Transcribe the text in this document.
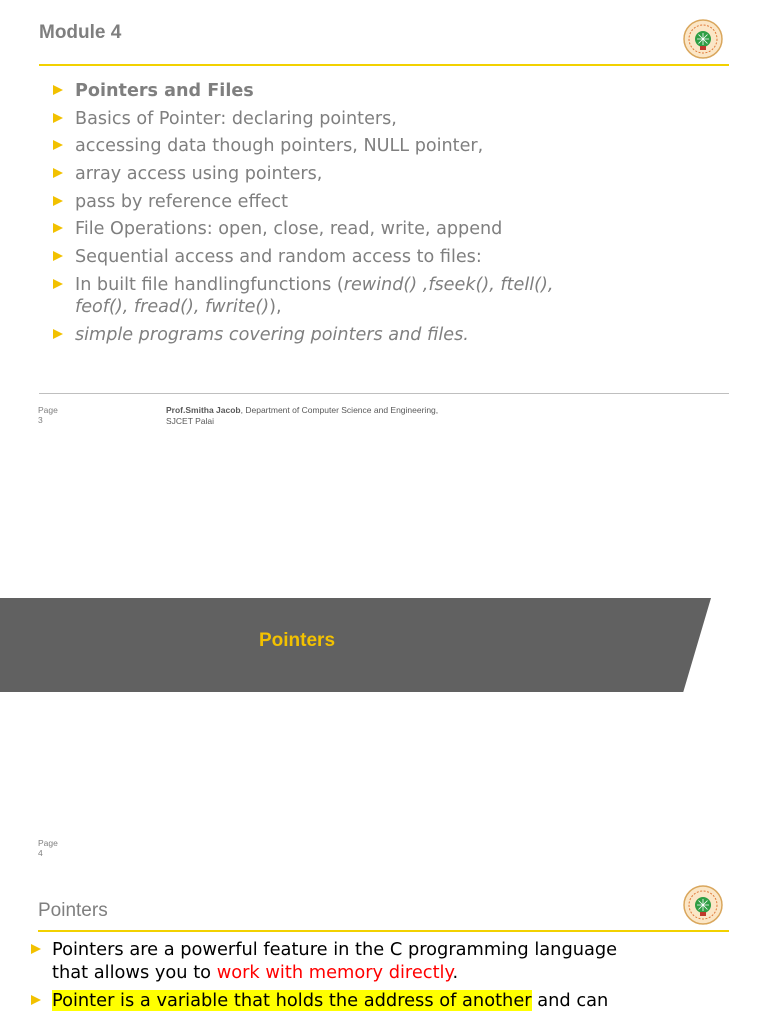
Module 4
Pointers and Files
Basics of Pointer: declaring pointers,
accessing data though pointers, NULL pointer,
array access using pointers,
pass by reference effect
File Operations: open, close, read, write, append
Sequential access and random access to files:
In built file handlingfunctions (rewind() ,fseek(), ftell(),
feof(), fread(), fwrite()),
simple programs covering pointers and files.
Page
3
Prof.Smitha Jacob, Department of Computer Science and Engineering,
SJCET Palai
Pointers
Page
4
Pointers
Pointers are a powerful feature in the C programming language
that allows you to work with memory directly.
Pointer is a variable that holds the address of another and can
